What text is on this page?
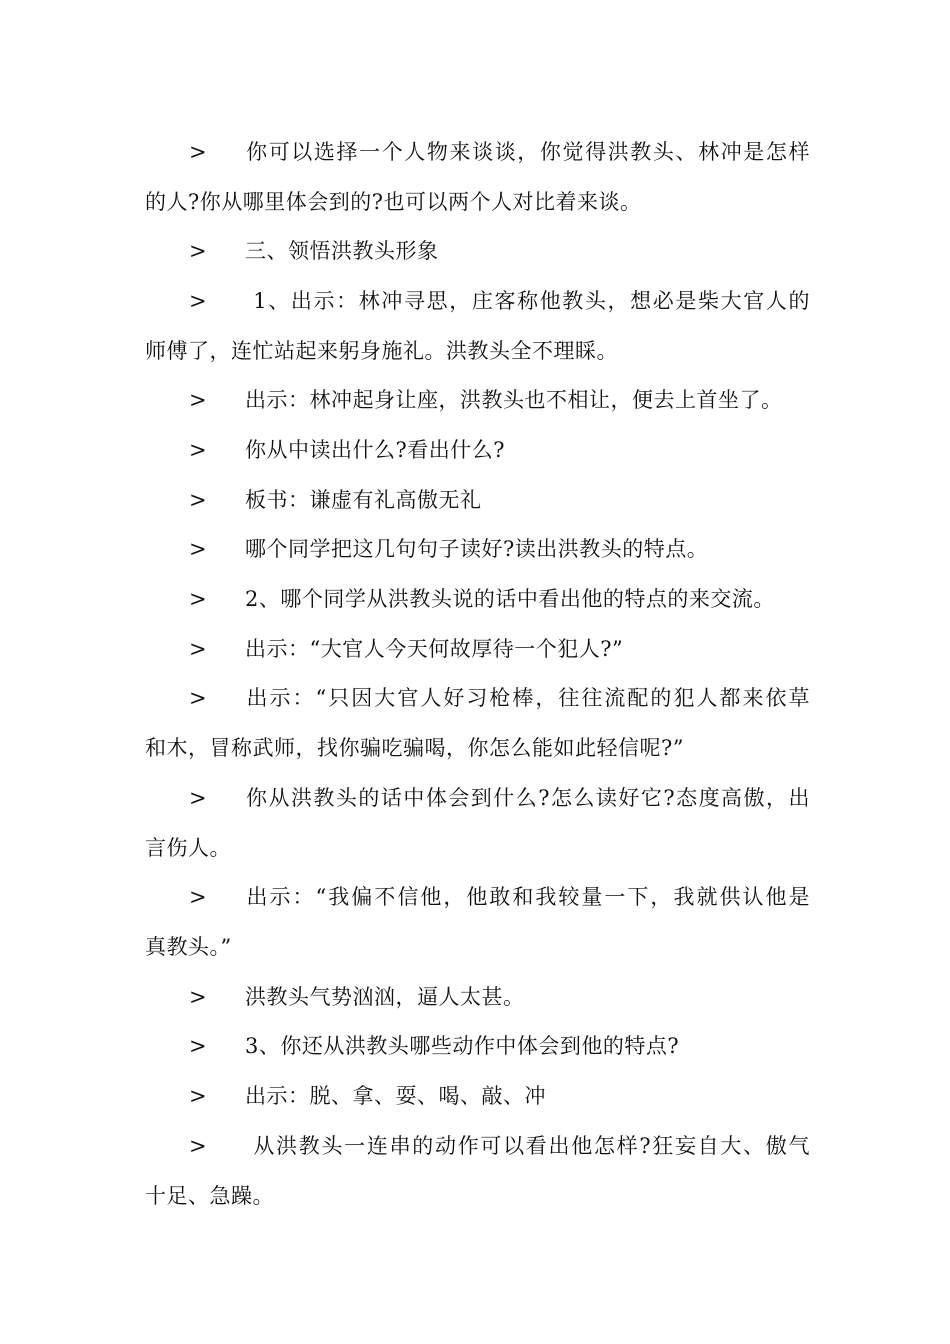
> 你可以选择一个人物来谈谈，你觉得洪教头、林冲是怎样
的人?你从哪里体会到的?也可以两个人对比着来谈。
> 三、领悟洪教头形象
> 1、出示：林冲寻思，庄客称他教头，想必是柴大官人的
师傅了，连忙站起来躬身施礼。洪教头全不理睬。
> 出示：林冲起身让座，洪教头也不相让，便去上首坐了。
> 你从中读出什么?看出什么?
> 板书：谦虚有礼高傲无礼
> 哪个同学把这几句句子读好?读出洪教头的特点。
> 2、哪个同学从洪教头说的话中看出他的特点的来交流。
> 出示：“大官人今天何故厚待一个犯人?”
> 出示：“只因大官人好习枪棒，往往流配的犯人都来依草
和木，冒称武师，找你骗吃骗喝，你怎么能如此轻信呢?”
> 你从洪教头的话中体会到什么?怎么读好它?态度高傲，出
言伤人。
> 出示：“我偏不信他，他敢和我较量一下，我就供认他是
真教头。”
> 洪教头气势汹汹，逼人太甚。
> 3、你还从洪教头哪些动作中体会到他的特点?
> 出示：脱、拿、耍、喝、敲、冲
> 从洪教头一连串的动作可以看出他怎样?狂妄自大、傲气
十足、急躁。
